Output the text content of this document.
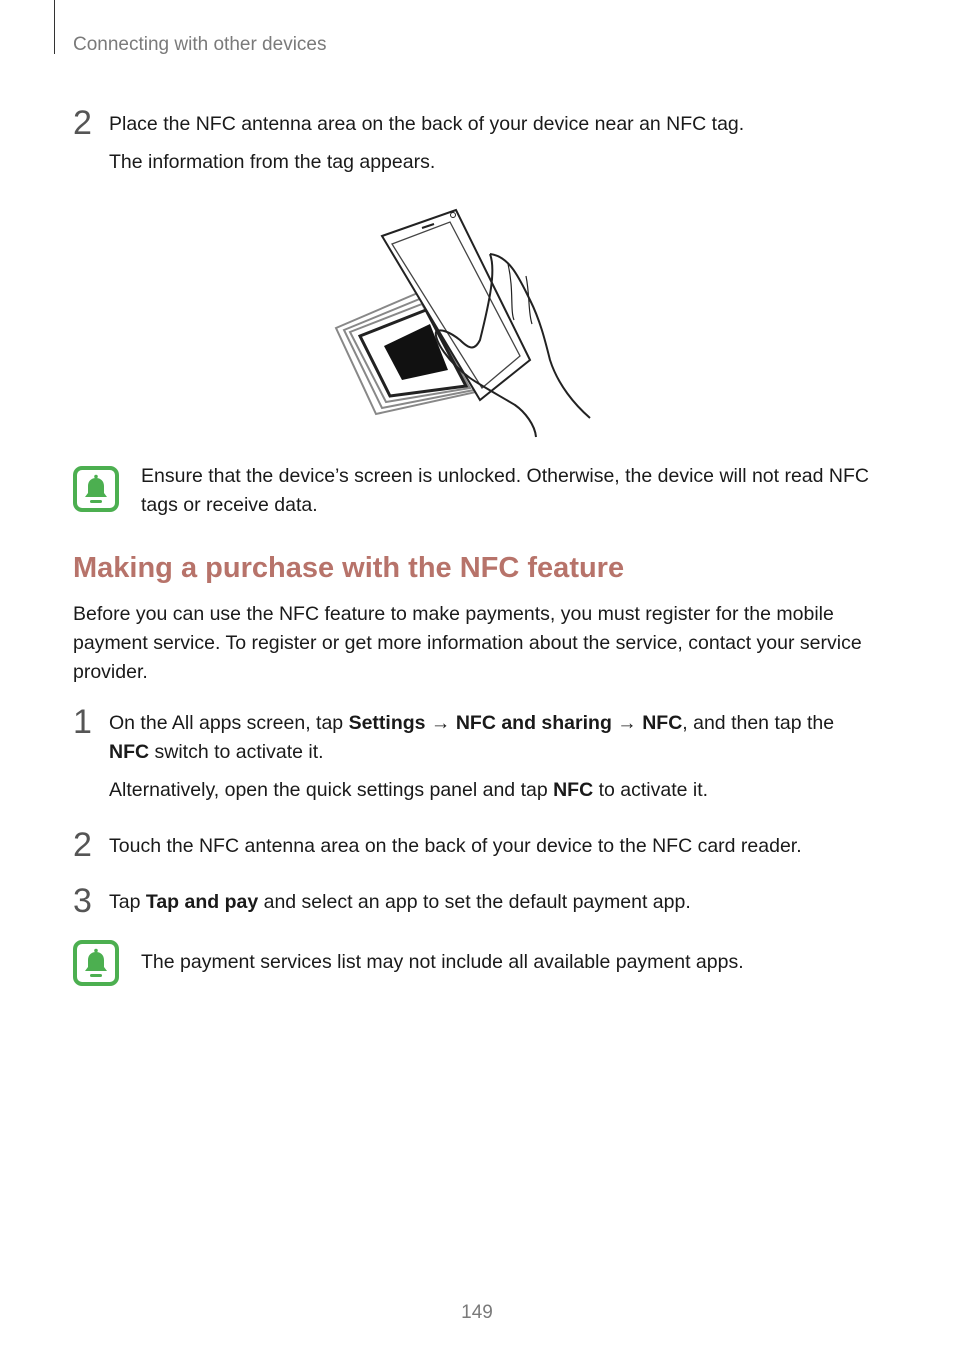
Connecting with other devices
2 Place the NFC antenna area on the back of your device near an NFC tag.
The information from the tag appears.
Ensure that the device’s screen is unlocked. Otherwise, the device will not read NFC tags or receive data.
Making a purchase with the NFC feature
Before you can use the NFC feature to make payments, you must register for the mobile payment service. To register or get more information about the service, contact your service provider.
1 On the All apps screen, tap Settings → NFC and sharing → NFC, and then tap the NFC switch to activate it.
Alternatively, open the quick settings panel and tap NFC to activate it.
2 Touch the NFC antenna area on the back of your device to the NFC card reader.
3 Tap Tap and pay and select an app to set the default payment app.
The payment services list may not include all available payment apps.
149
